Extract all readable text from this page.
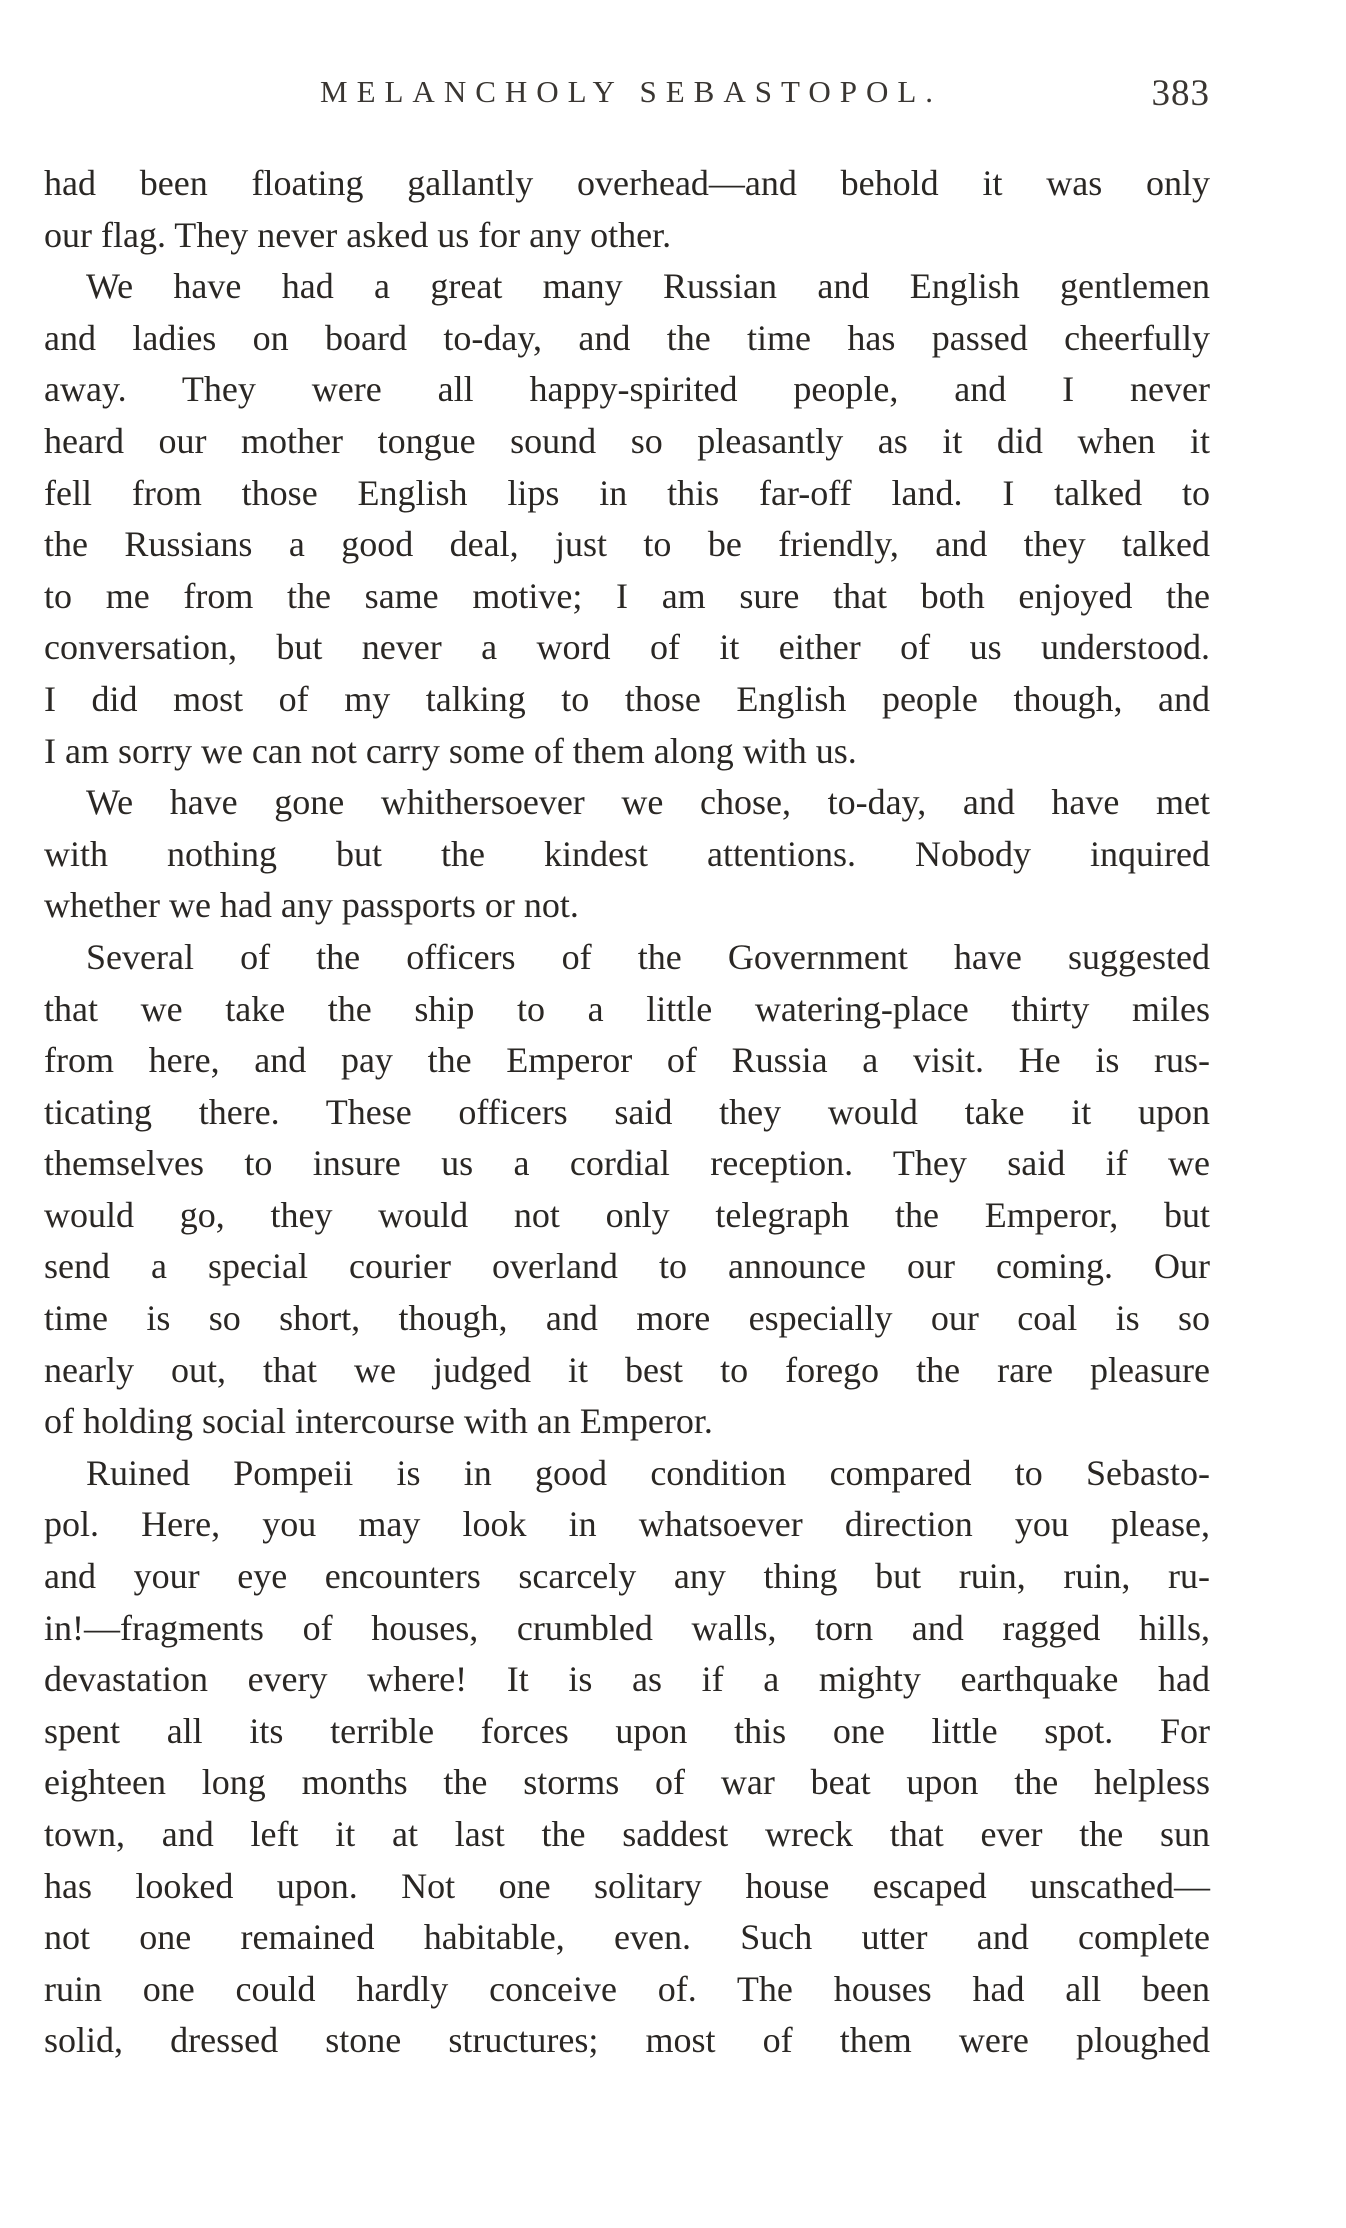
MELANCHOLY SEBASTOPOL.	383
had been floating gallantly overhead—and behold it was only
our flag. They never asked us for any other.
We have had a great many Russian and English gentlemen
and ladies on board to-day, and the time has passed cheerfully
away. They were all happy-spirited people, and I never
heard our mother tongue sound so pleasantly as it did when it
fell from those English lips in this far-off land. I talked to
the Russians a good deal, just to be friendly, and they talked
to me from the same motive; I am sure that both enjoyed the
conversation, but never a word of it either of us understood.
I did most of my talking to those English people though, and
I am sorry we can not carry some of them along with us.
We have gone whithersoever we chose, to-day, and have met
with nothing but the kindest attentions. Nobody inquired
whether we had any passports or not.
Several of the officers of the Government have suggested
that we take the ship to a little watering-place thirty miles
from here, and pay the Emperor of Russia a visit. He is rus-
ticating there. These officers said they would take it upon
themselves to insure us a cordial reception. They said if we
would go, they would not only telegraph the Emperor, but
send a special courier overland to announce our coming. Our
time is so short, though, and more especially our coal is so
nearly out, that we judged it best to forego the rare pleasure
of holding social intercourse with an Emperor.
Ruined Pompeii is in good condition compared to Sebasto-
pol. Here, you may look in whatsoever direction you please,
and your eye encounters scarcely any thing but ruin, ruin, ru-
in!—fragments of houses, crumbled walls, torn and ragged hills,
devastation every where! It is as if a mighty earthquake had
spent all its terrible forces upon this one little spot. For
eighteen long months the storms of war beat upon the helpless
town, and left it at last the saddest wreck that ever the sun
has looked upon. Not one solitary house escaped unscathed—
not one remained habitable, even. Such utter and complete
ruin one could hardly conceive of. The houses had all been
solid, dressed stone structures; most of them were ploughed
